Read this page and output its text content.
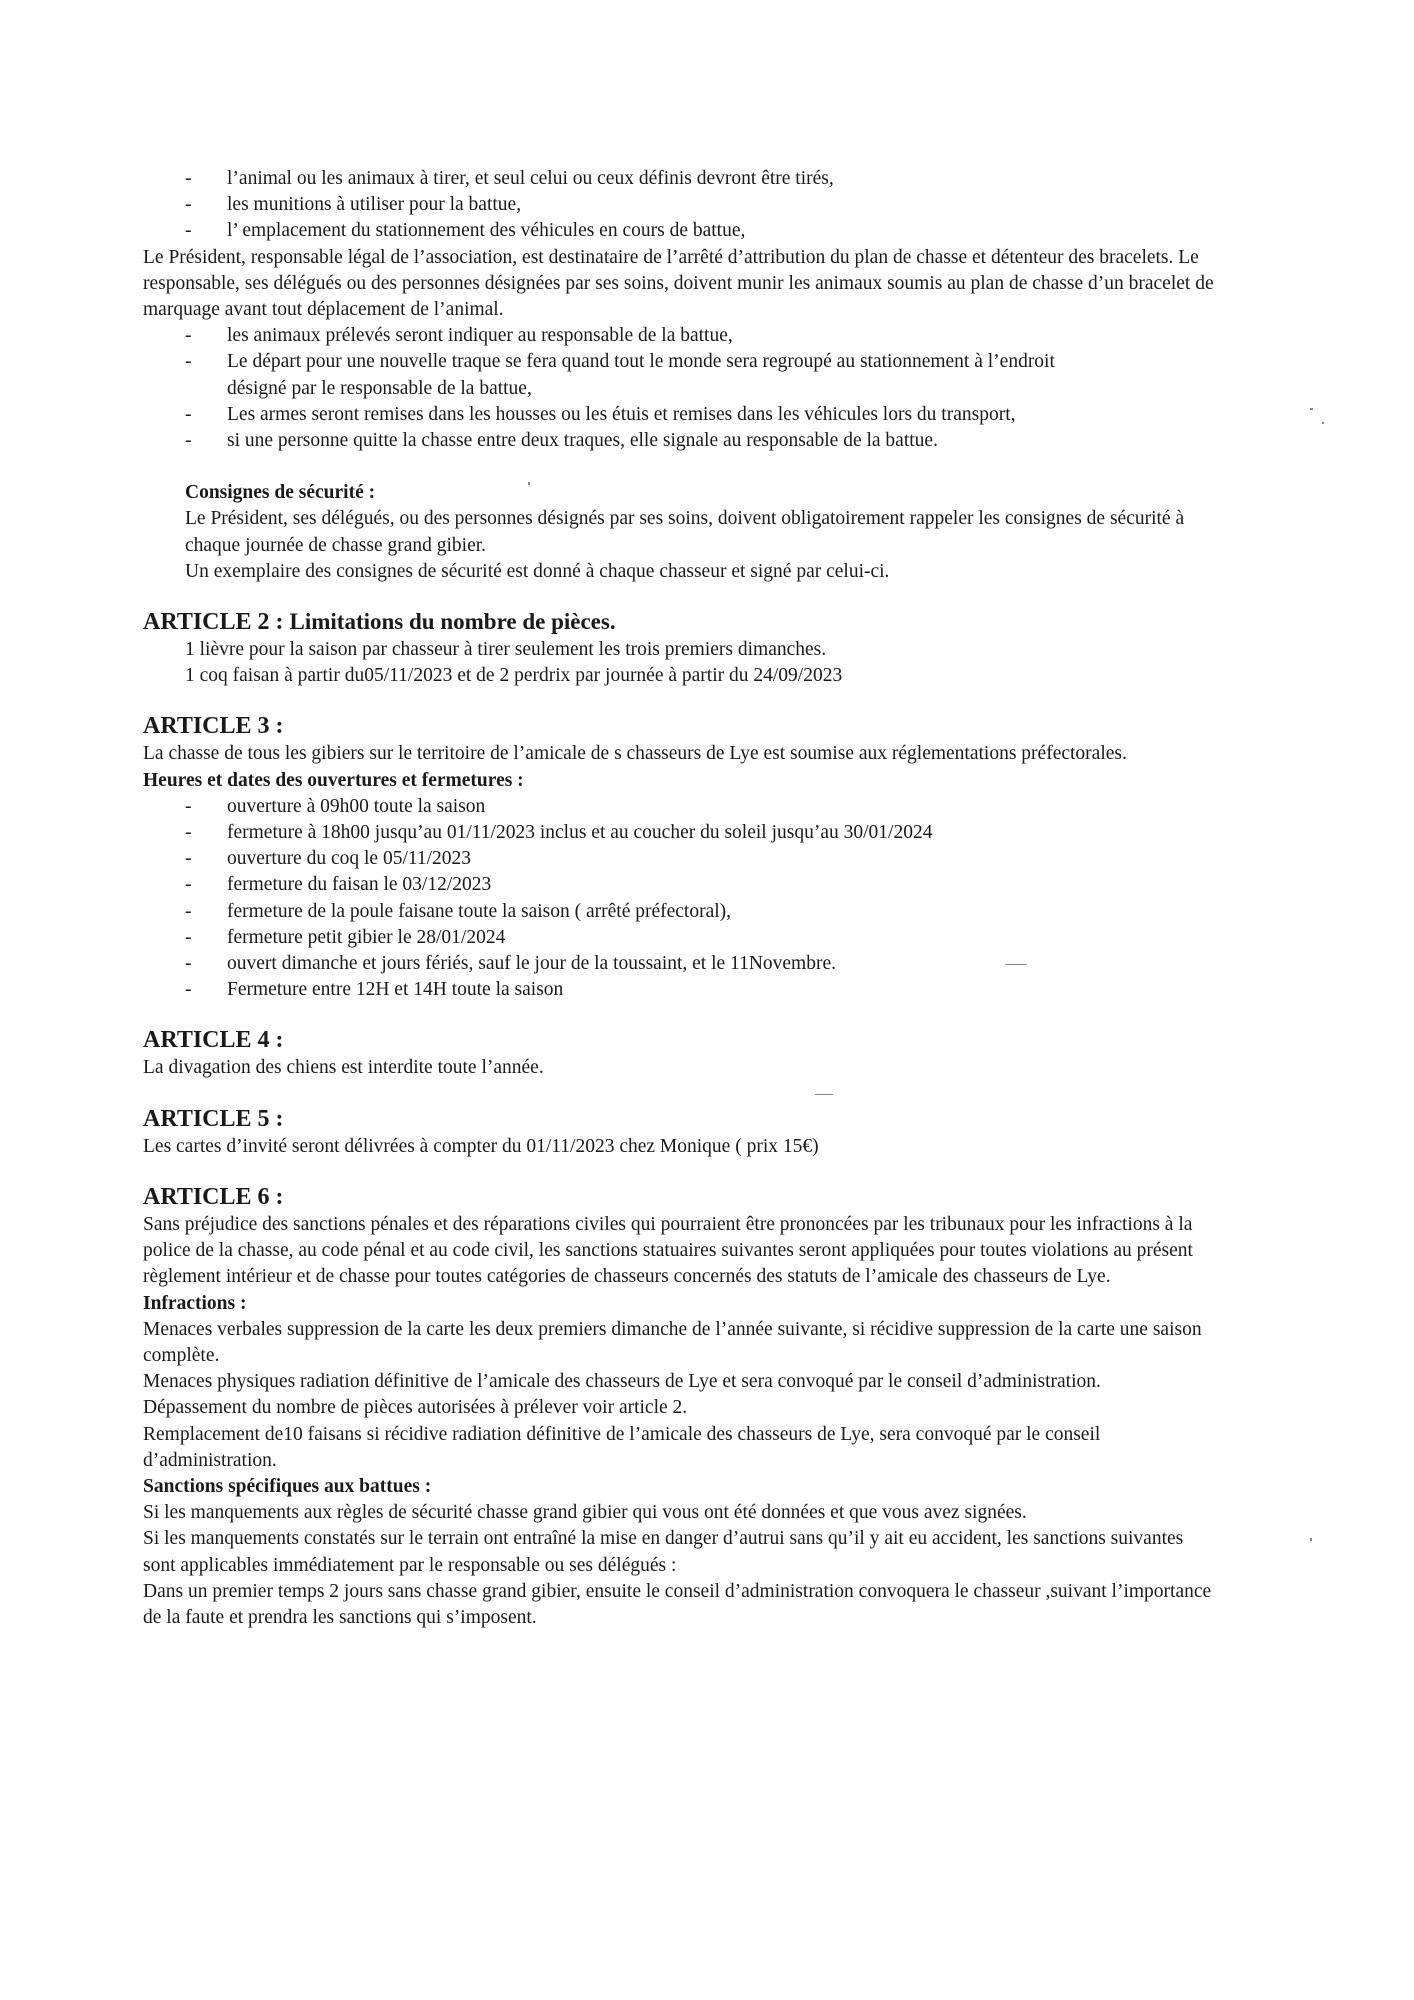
- l’animal ou les animaux à tirer, et seul celui ou ceux définis devront être tirés,
- les munitions à utiliser pour la battue,
- l’ emplacement du stationnement des véhicules en cours de battue,

Le Président, responsable légal de l’association, est destinataire de l’arrêté d’attribution du plan de chasse et détenteur des bracelets. Le responsable, ses délégués ou des personnes désignées par ses soins, doivent munir les animaux soumis au plan de chasse d’un bracelet de marquage avant tout déplacement de l’animal.

- les animaux prélevés seront indiquer au responsable de la battue,
- Le départ pour une nouvelle traque se fera quand tout le monde sera regroupé au stationnement à l’endroit désigné par le responsable de la battue,
- Les armes seront remises dans les housses ou les étuis et remises dans les véhicules lors du transport,
- si une personne quitte la chasse entre deux traques, elle signale au responsable de la battue.

Consignes de sécurité :

Le Président, ses délégués, ou des personnes désignés par ses soins, doivent obligatoirement rappeler les consignes de sécurité à chaque journée de chasse grand gibier.

Un exemplaire des consignes de sécurité est donné à chaque chasseur et signé par celui-ci.

ARTICLE 2 : Limitations du nombre de pièces.

1 lièvre pour la saison par chasseur à tirer seulement les trois premiers dimanches.

1 coq faisan à partir du05/11/2023 et de 2 perdrix par journée à partir du 24/09/2023

ARTICLE 3 :

La chasse de tous les gibiers sur le territoire de l’amicale de s chasseurs de Lye est soumise aux réglementations préfectorales.

Heures et dates des ouvertures et fermetures :

- ouverture à 09h00 toute la saison
- fermeture à 18h00 jusqu’au 01/11/2023 inclus et au coucher du soleil jusqu’au 30/01/2024
- ouverture du coq le 05/11/2023
- fermeture du faisan le 03/12/2023
- fermeture de la poule faisane toute la saison ( arrêté préfectoral),
- fermeture petit gibier le 28/01/2024
- ouvert dimanche et jours fériés, sauf le jour de la toussaint, et le 11Novembre.
- Fermeture entre 12H et 14H toute la saison
ARTICLE 4 :

La divagation des chiens est interdite toute l’année.

ARTICLE 5 :

Les cartes d’invité seront délivrées à compter du 01/11/2023 chez Monique ( prix 15€)

ARTICLE 6 :

Sans préjudice des sanctions pénales et des réparations civiles qui pourraient être prononcées par les tribunaux pour les infractions à la police de la chasse, au code pénal et au code civil, les sanctions statuaires suivantes seront appliquées pour toutes violations au présent règlement intérieur et de chasse pour toutes catégories de chasseurs concernés des statuts de l’amicale des chasseurs de Lye.

Infractions :

Menaces verbales suppression de la carte les deux premiers dimanche de l’année suivante, si récidive suppression de la carte une saison complète.

Menaces physiques radiation définitive de l’amicale des chasseurs de Lye et sera convoqué par le conseil d’administration.

Dépassement du nombre de pièces autorisées à prélever voir article 2.

Remplacement de10 faisans si récidive radiation définitive de l’amicale des chasseurs de Lye, sera convoqué par le conseil d’administration.

Sanctions spécifiques aux battues :

Si les manquements aux règles de sécurité chasse grand gibier qui vous ont été données et que vous avez signées.

Si les manquements constatés sur le terrain ont entraîné la mise en danger d’autrui sans qu’il y ait eu accident, les sanctions suivantes sont applicables immédiatement par le responsable ou ses délégués :

Dans un premier temps 2 jours sans chasse grand gibier, ensuite le conseil d’administration convoquera le chasseur ,suivant l’importance de la faute et prendra les sanctions qui s’imposent.
